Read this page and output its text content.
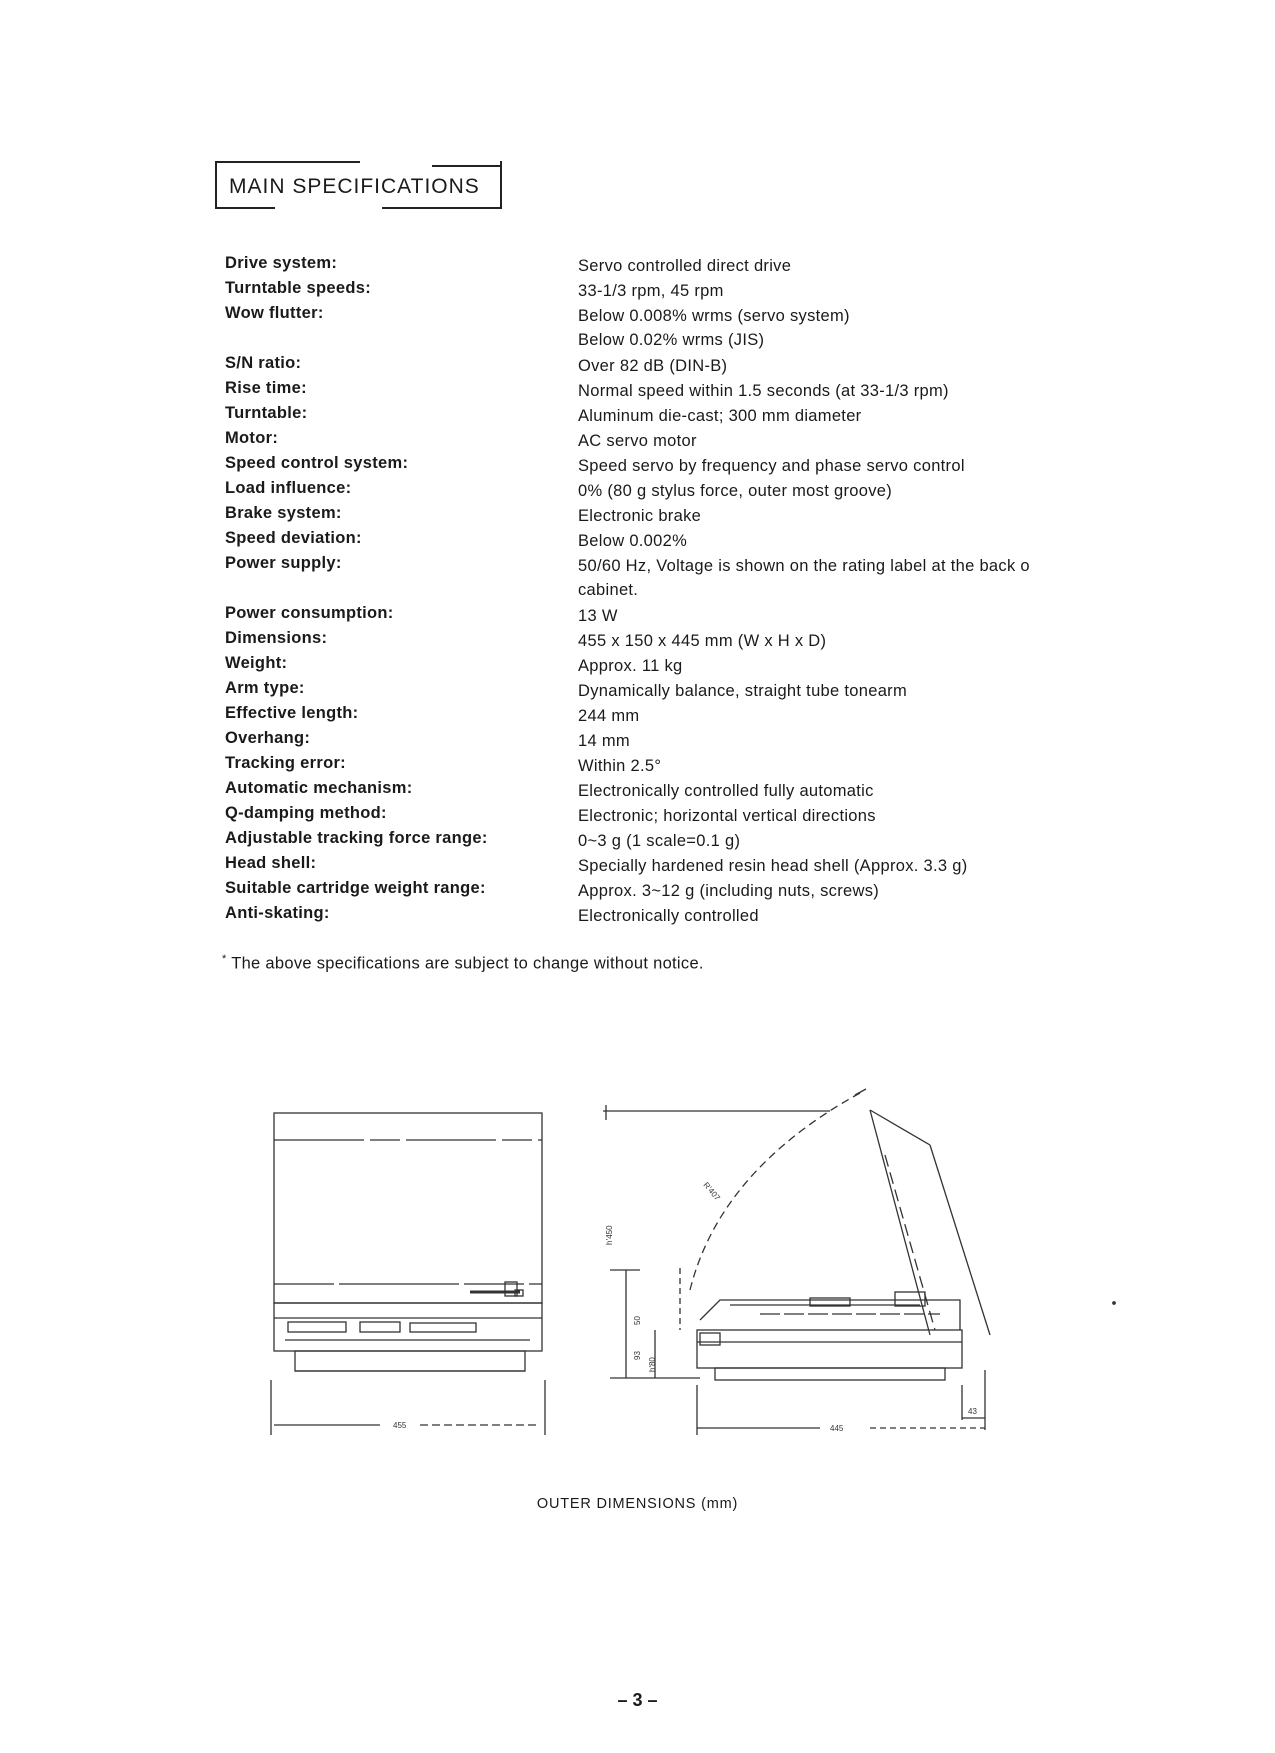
MAIN SPECIFICATIONS
Drive system:	Servo controlled direct drive
Turntable speeds:	33-1/3 rpm, 45 rpm
Wow flutter:	Below 0.008% wrms (servo system)
Below 0.02% wrms (JIS)
S/N ratio:	Over 82 dB (DIN-B)
Rise time:	Normal speed within 1.5 seconds (at 33-1/3 rpm)
Turntable:	Aluminum die-cast; 300 mm diameter
Motor:	AC servo motor
Speed control system:	Speed servo by frequency and phase servo control
Load influence:	0% (80 g stylus force, outer most groove)
Brake system:	Electronic brake
Speed deviation:	Below 0.002%
Power supply:	50/60 Hz, Voltage is shown on the rating label at the back o
cabinet.
Power consumption:	13 W
Dimensions:	455 x 150 x 445 mm (W x H x D)
Weight:	Approx. 11 kg
Arm type:	Dynamically balance, straight tube tonearm
Effective length:	244 mm
Overhang:	14 mm
Tracking error:	Within 2.5°
Automatic mechanism:	Electronically controlled fully automatic
Q-damping method:	Electronic; horizontal vertical directions
Adjustable tracking force range:	0~3 g (1 scale=0.1 g)
Head shell:	Specially hardened resin head shell (Approx. 3.3 g)
Suitable cartridge weight range:	Approx. 3~12 g (including nuts, screws)
Anti-skating:	Electronically controlled
* The above specifications are subject to change without notice.
455	445
43
h’450
50
93
h'80
R’407
OUTER DIMENSIONS (mm)
– 3 –
